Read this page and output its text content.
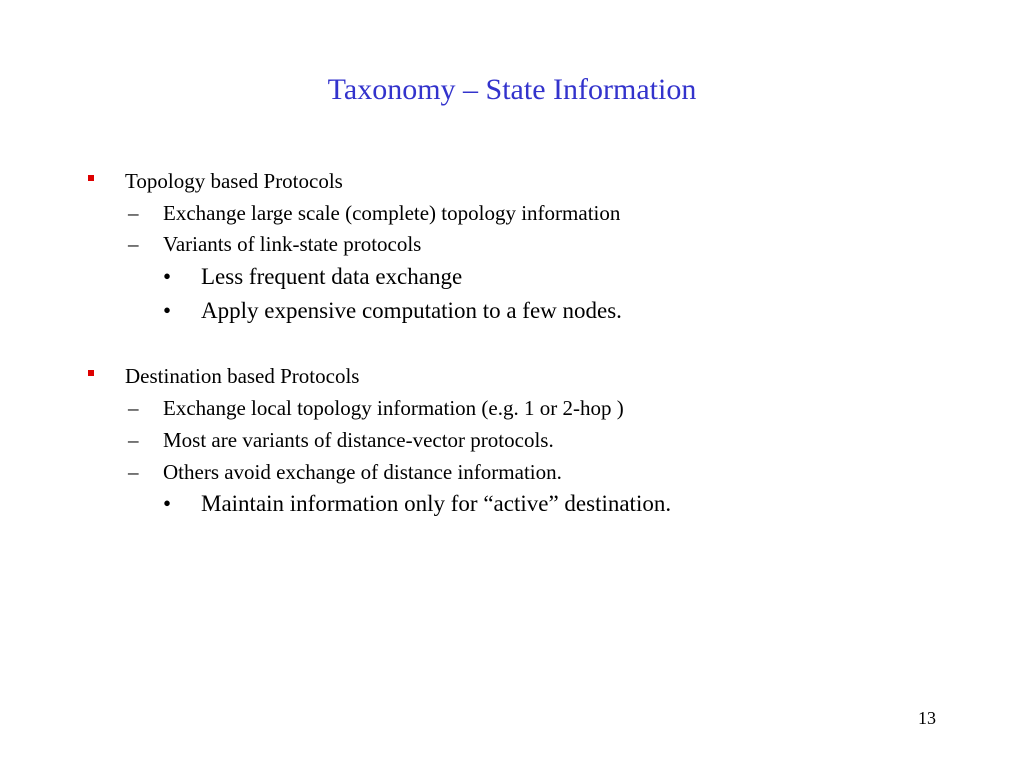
Taxonomy – State Information
Topology based Protocols
– Exchange large scale (complete) topology information
– Variants of link-state protocols
• Less frequent data exchange
• Apply expensive computation to a few nodes.
Destination based Protocols
– Exchange local topology information (e.g. 1 or 2-hop )
– Most are variants of distance-vector protocols.
– Others avoid exchange of distance information.
• Maintain information only for “active” destination.
13
